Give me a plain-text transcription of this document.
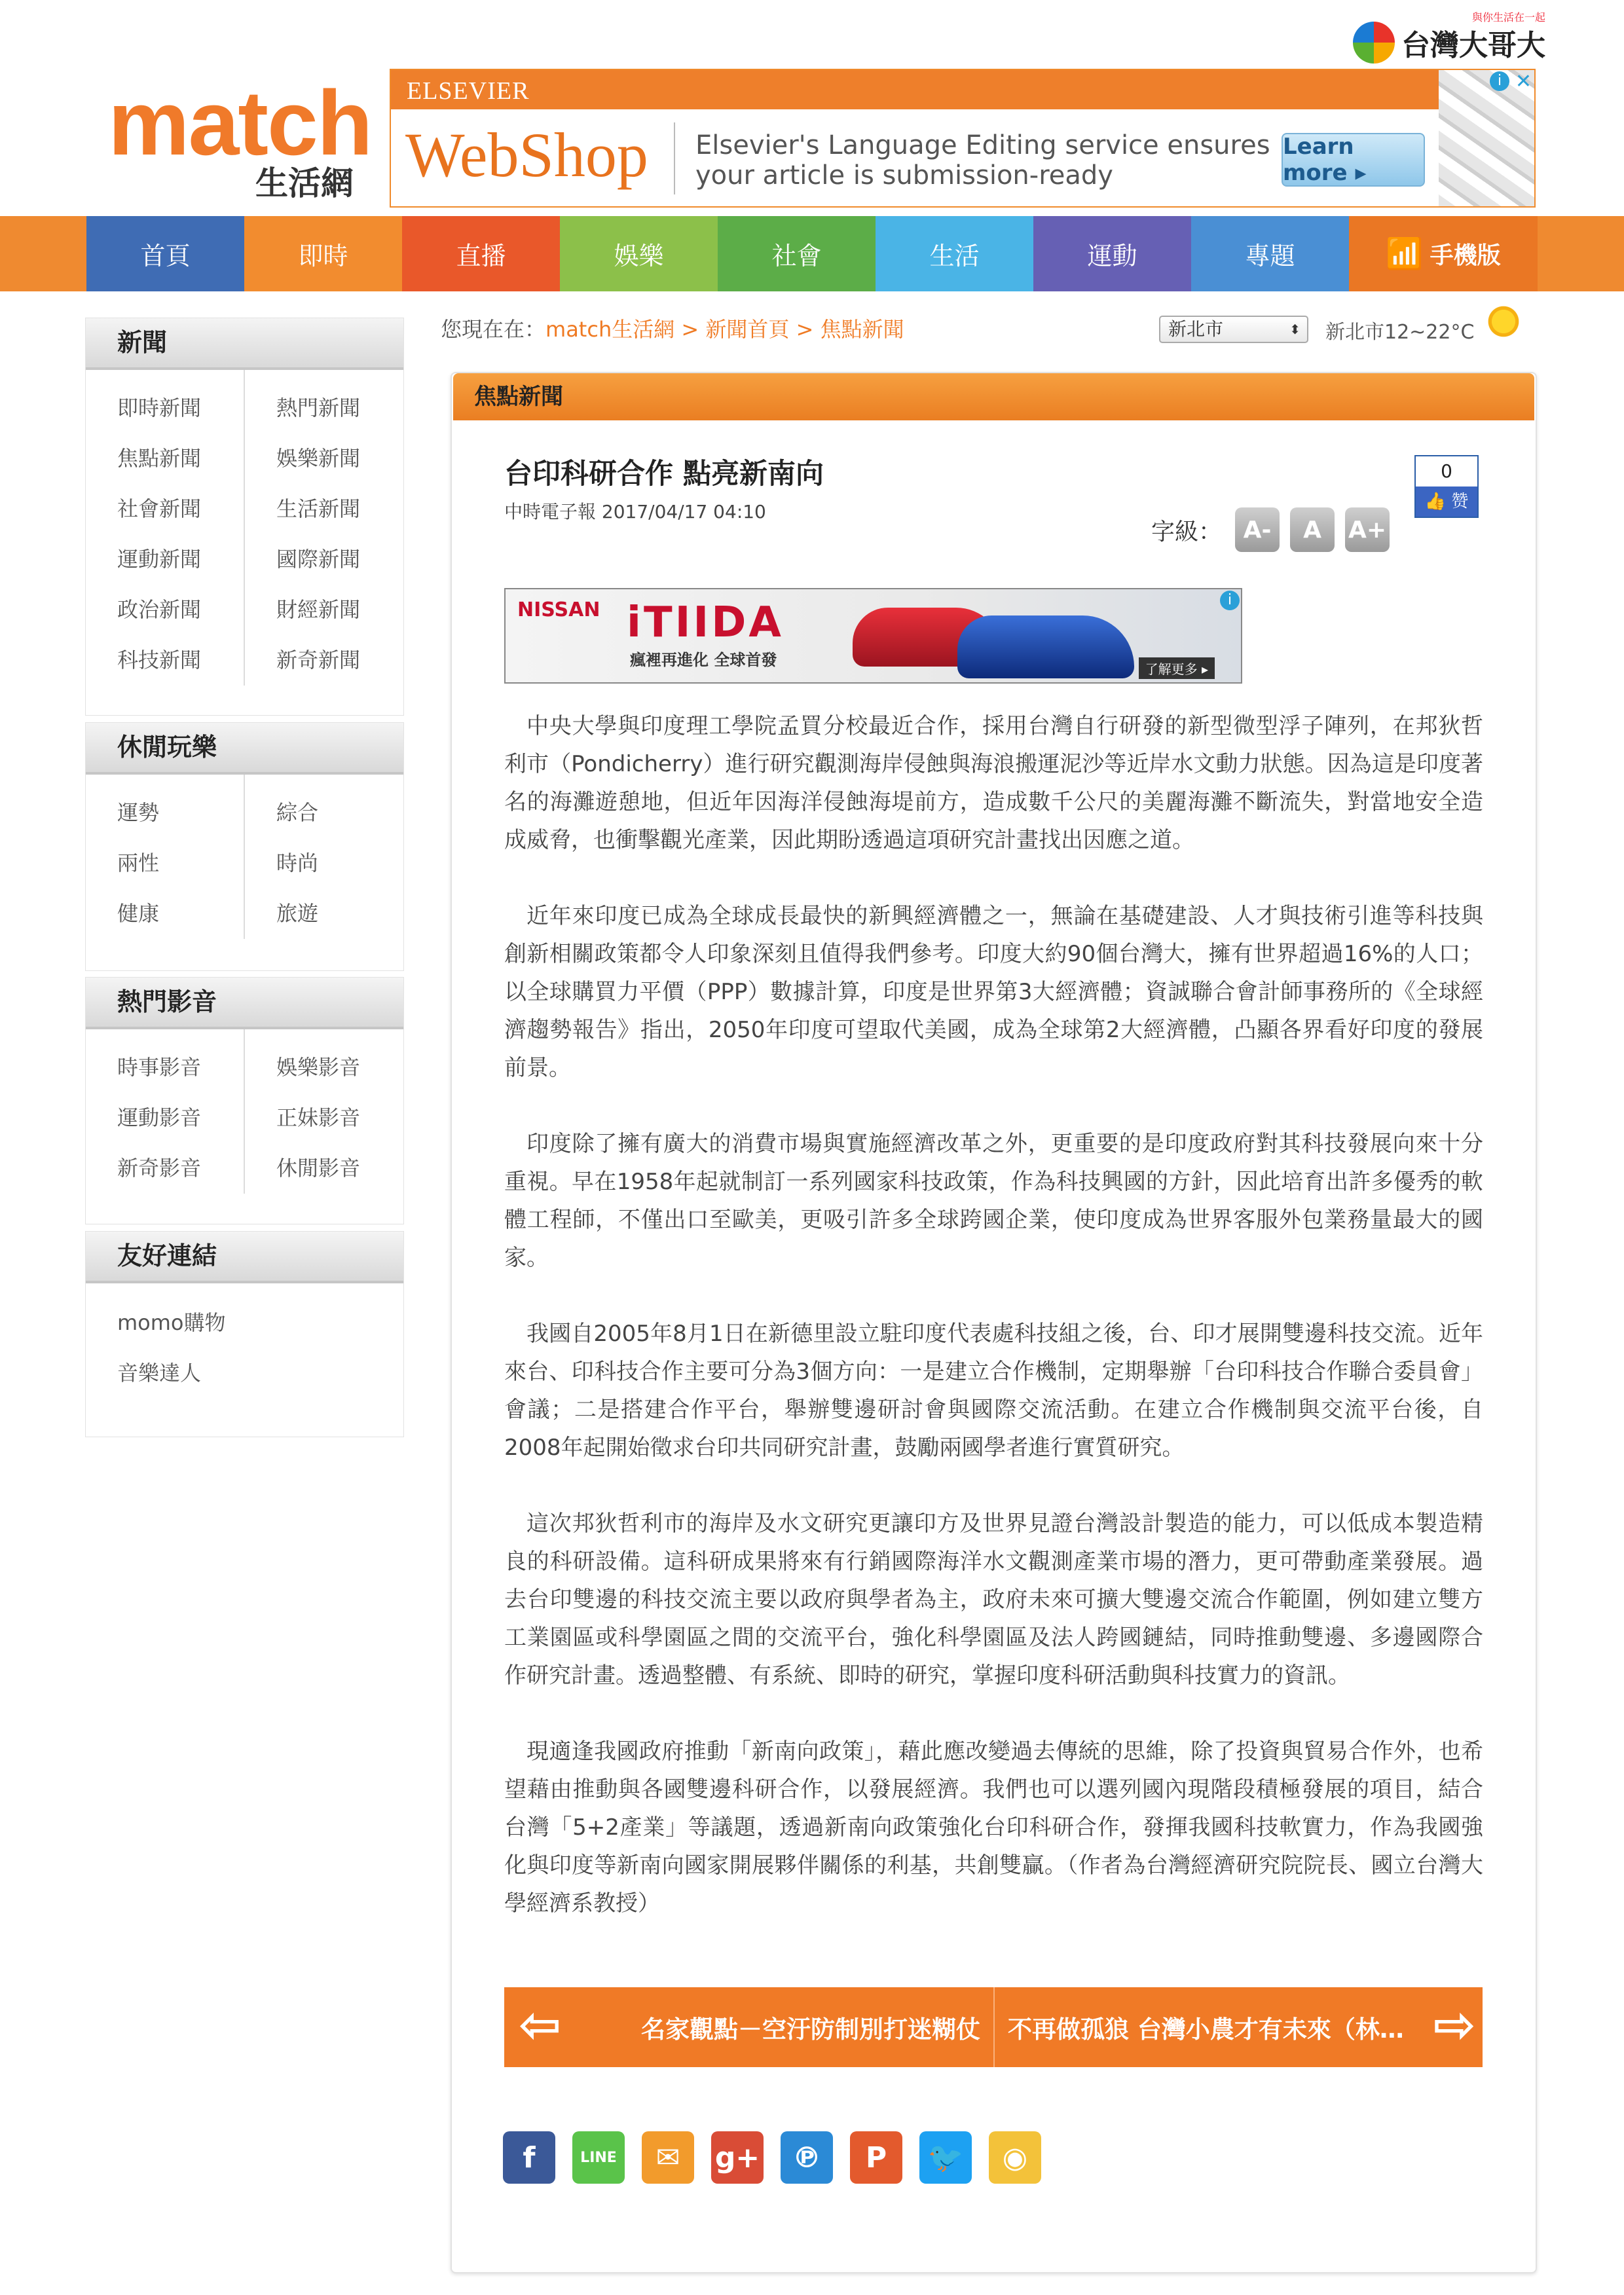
match
生活網
與你生活在一起
台灣大哥大
ELSEVIER
WebShop Elsevier's Language Editing service ensures
your article is submission-ready
Learn more ▸
i ✕
首頁	即時	直播	娛樂	社會	生活	運動	專題	📶 手機版
新聞
即時新聞	熱門新聞
焦點新聞	娛樂新聞
社會新聞	生活新聞
運動新聞	國際新聞
政治新聞	財經新聞
科技新聞	新奇新聞
休閒玩樂
運勢	綜合
兩性	時尚
健康	旅遊
熱門影音
時事影音	娛樂影音
運動影音	正妹影音
新奇影音	休閒影音
友好連結
momo購物
音樂達人
您現在在：match生活網 > 新聞首頁 > 焦點新聞	新北市	⬍ 新北市12~22°C
焦點新聞
台印科研合作 點亮新南向
中時電子報 2017/04/17 04:10
0
👍 赞
字級： A-	A	A+
NISSAN iTIIDA
瘋裡再進化 全球首發	了解更多 ▸
i

中央大學與印度理工學院孟買分校最近合作，採用台灣自行研發的新型微型浮子陣列，在邦狄哲利市（Pondicherry）進行研究觀測海岸侵蝕與海浪搬運泥沙等近岸水文動力狀態。因為這是印度著名的海灘遊憩地，但近年因海洋侵蝕海堤前方，造成數千公尺的美麗海灘不斷流失，對當地安全造成威脅，也衝擊觀光產業，因此期盼透過這項研究計畫找出因應之道。

近年來印度已成為全球成長最快的新興經濟體之一，無論在基礎建設、人才與技術引進等科技與創新相關政策都令人印象深刻且值得我們參考。印度大約90個台灣大，擁有世界超過16%的人口；以全球購買力平價（PPP）數據計算，印度是世界第3大經濟體；資誠聯合會計師事務所的《全球經濟趨勢報告》指出，2050年印度可望取代美國，成為全球第2大經濟體，凸顯各界看好印度的發展前景。

印度除了擁有廣大的消費市場與實施經濟改革之外，更重要的是印度政府對其科技發展向來十分重視。早在1958年起就制訂一系列國家科技政策，作為科技興國的方針，因此培育出許多優秀的軟體工程師，不僅出口至歐美，更吸引許多全球跨國企業，使印度成為世界客服外包業務量最大的國家。

我國自2005年8月1日在新德里設立駐印度代表處科技組之後，台、印才展開雙邊科技交流。近年來台、印科技合作主要可分為3個方向：一是建立合作機制，定期舉辦「台印科技合作聯合委員會」會議；二是搭建合作平台，舉辦雙邊研討會與國際交流活動。在建立合作機制與交流平台後，自2008年起開始徵求台印共同研究計畫，鼓勵兩國學者進行實質研究。

這次邦狄哲利市的海岸及水文研究更讓印方及世界見證台灣設計製造的能力，可以低成本製造精良的科研設備。這科研成果將來有行銷國際海洋水文觀測產業市場的潛力，更可帶動產業發展。過去台印雙邊的科技交流主要以政府與學者為主，政府未來可擴大雙邊交流合作範圍，例如建立雙方工業園區或科學園區之間的交流平台，強化科學園區及法人跨國鏈結，同時推動雙邊、多邊國際合作研究計畫。透過整體、有系統、即時的研究，掌握印度科研活動與科技實力的資訊。

現適逢我國政府推動「新南向政策」，藉此應改變過去傳統的思維，除了投資與貿易合作外，也希望藉由推動與各國雙邊科研合作，以發展經濟。我們也可以選列國內現階段積極發展的項目，結合台灣「5+2產業」等議題，透過新南向政策強化台印科研合作，發揮我國科技軟實力，作為我國強化與印度等新南向國家開展夥伴關係的利基，共創雙贏。（作者為台灣經濟研究院院長、國立台灣大學經濟系教授）

⇦	名家觀點－空汙防制別打迷糊仗 不再做孤狼 台灣小農才有未來（林… ⇨
f	LINE	✉	g+	℗	P	🐦	◉
